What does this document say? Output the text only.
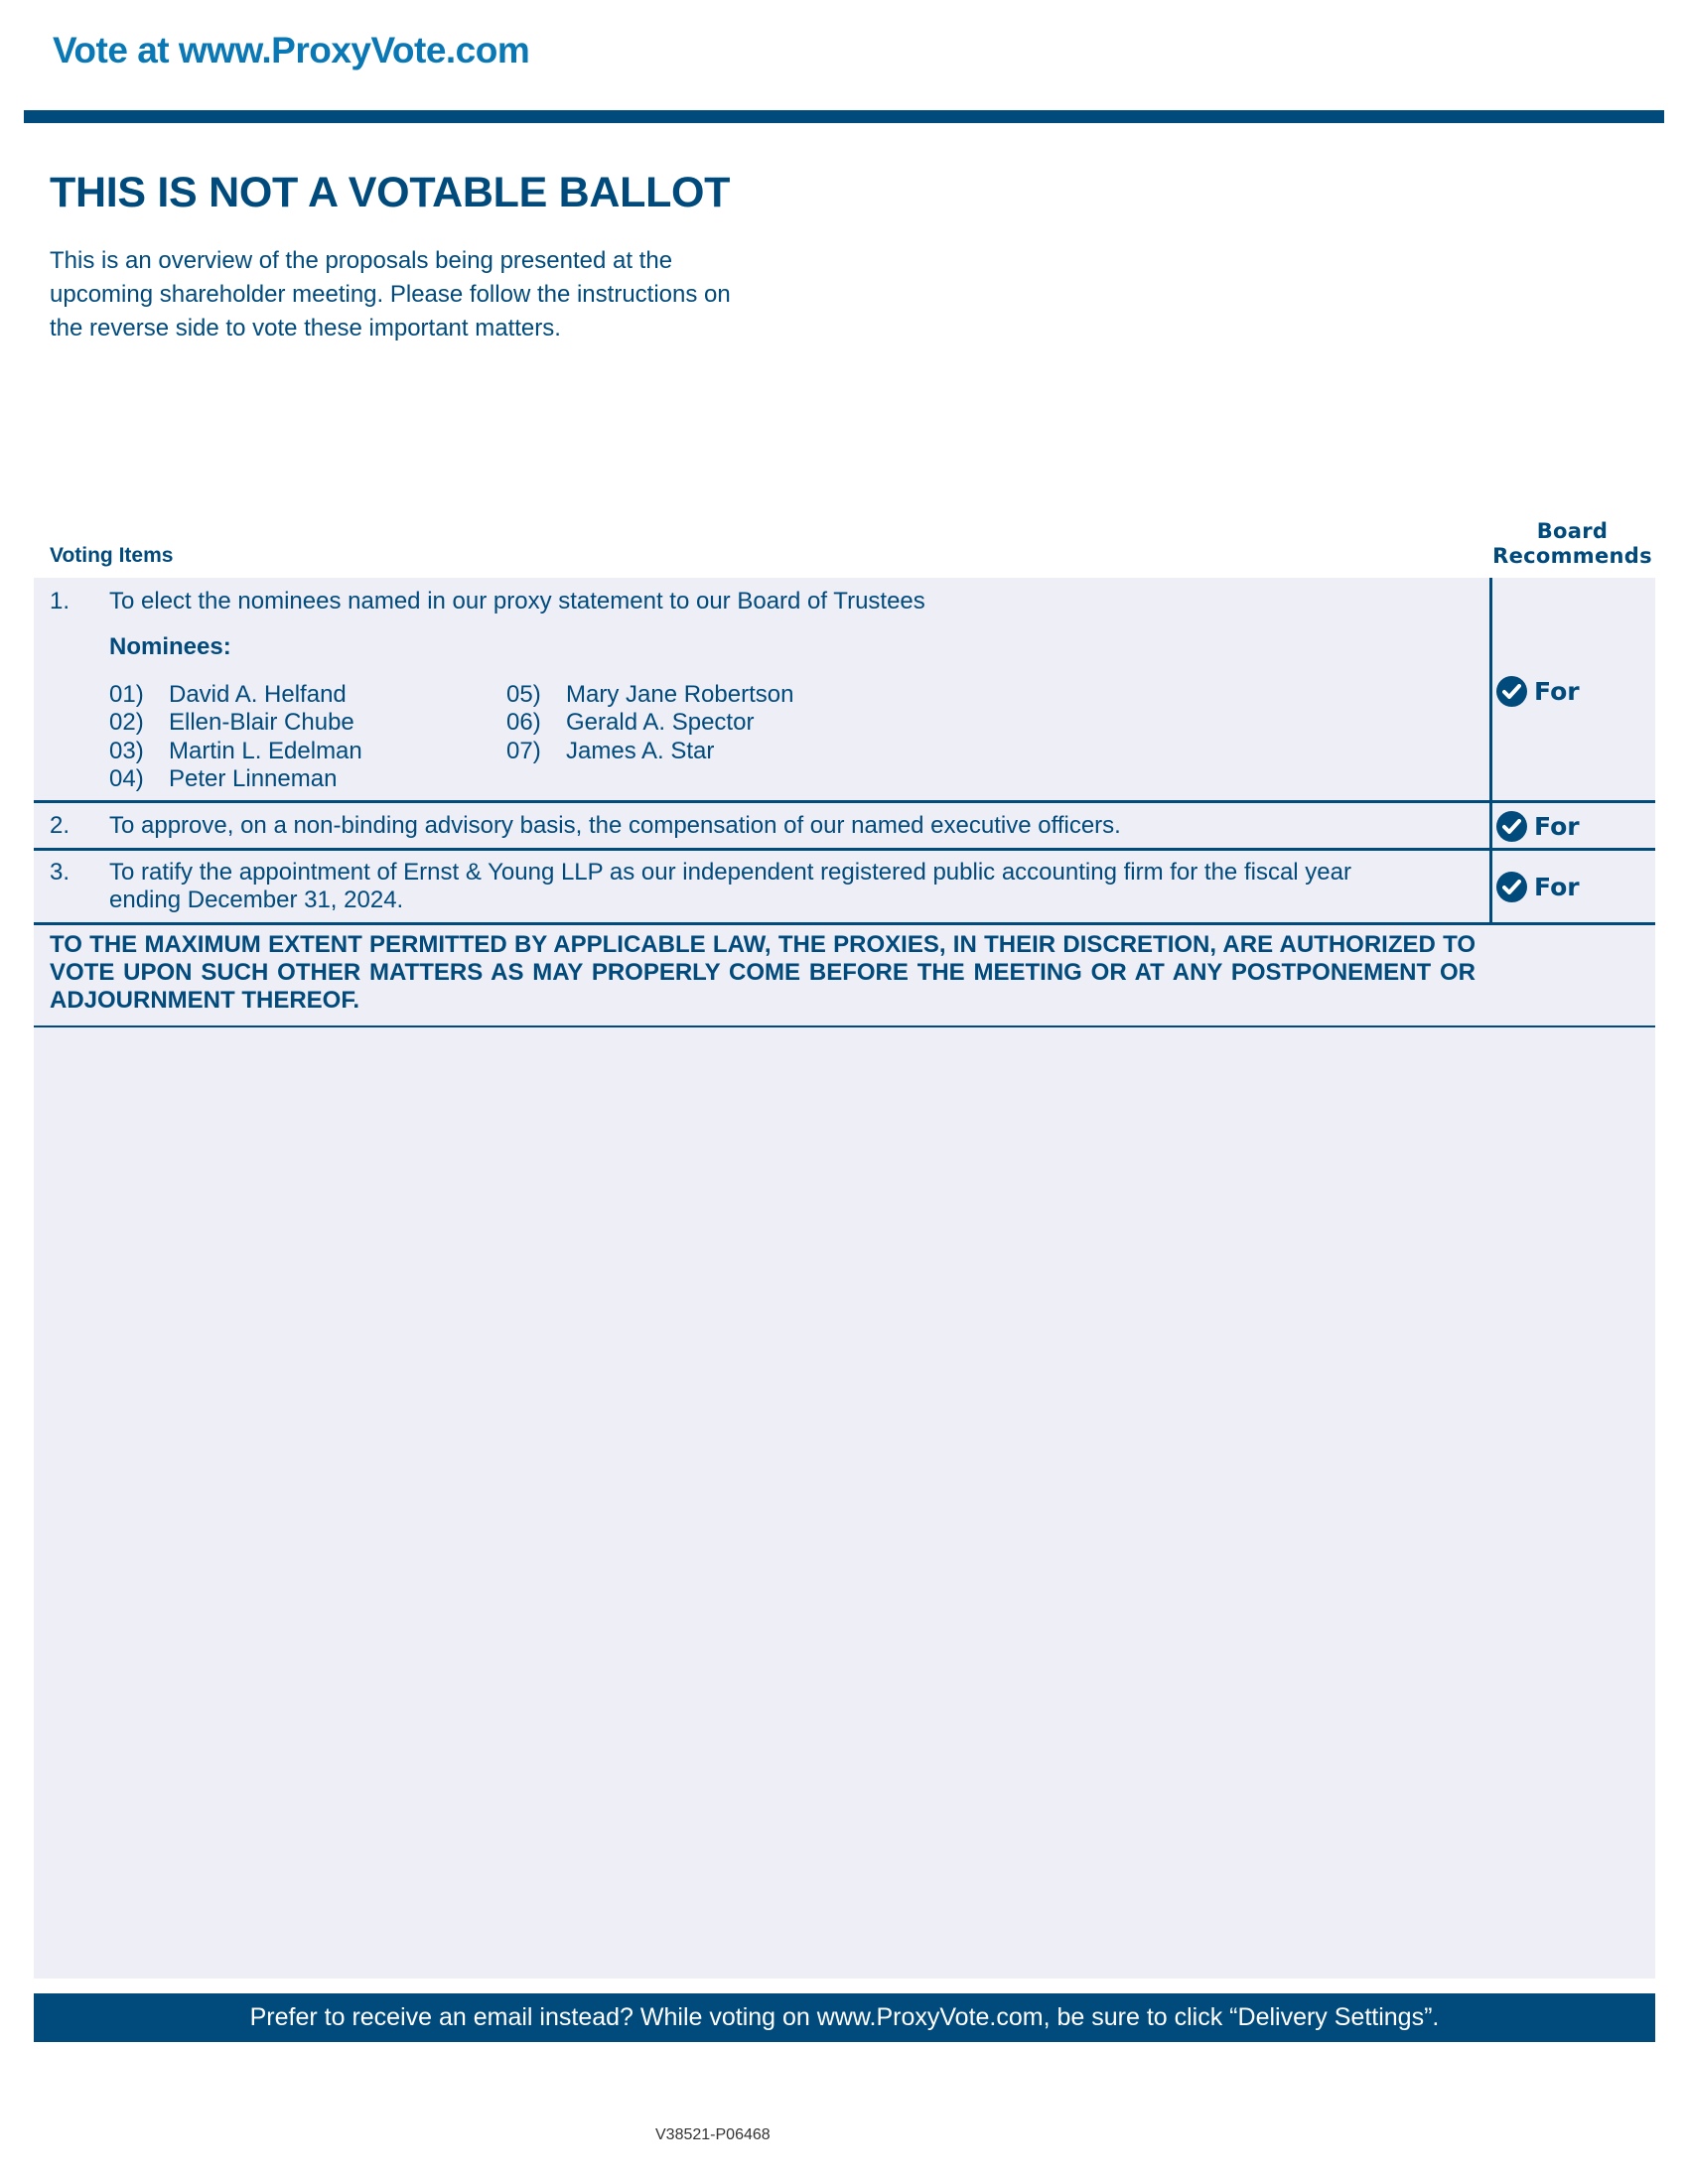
Vote at www.ProxyVote.com
THIS IS NOT A VOTABLE BALLOT
This is an overview of the proposals being presented at the
upcoming shareholder meeting. Please follow the instructions on
the reverse side to vote these important matters.
Voting Items
Board
Recommends
1. To elect the nominees named in our proxy statement to our Board of Trustees
Nominees:
01) David A. Helfand
02) Ellen-Blair Chube
03) Martin L. Edelman
04) Peter Linneman
05) Mary Jane Robertson
06) Gerald A. Spector
07) James A. Star
For
2. To approve, on a non-binding advisory basis, the compensation of our named executive officers.	For
3. To ratify the appointment of Ernst & Young LLP as our independent registered public accounting firm for the fiscal year
ending December 31, 2024.	For
TO THE MAXIMUM EXTENT PERMITTED BY APPLICABLE LAW, THE PROXIES, IN THEIR DISCRETION, ARE AUTHORIZED TO VOTE UPON SUCH OTHER MATTERS AS MAY PROPERLY COME BEFORE THE MEETING OR AT ANY POSTPONEMENT OR ADJOURNMENT THEREOF.
Prefer to receive an email instead? While voting on www.ProxyVote.com, be sure to click “Delivery Settings”.
V38521-P06468
